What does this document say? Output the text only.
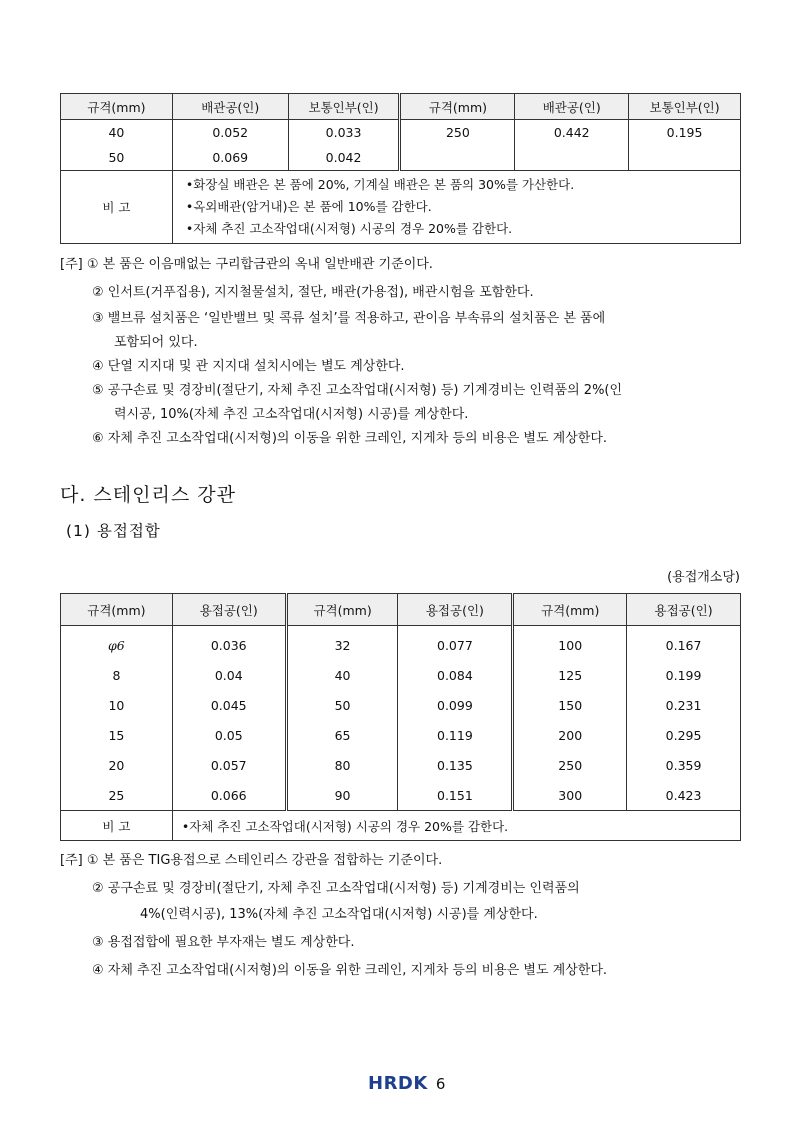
규격(mm)	배관공(인)	보통인부(인)	규격(mm)	배관공(인)	보통인부(인)
40	0.052	0.033	250	0.442	0.195
50	0.069	0.042			
비 고	•화장실 배관은 본 품에 20%, 기계실 배관은 본 품의 30%를 가산한다.
•옥외배관(암거내)은 본 품에 10%를 감한다.
•자체 추진 고소작업대(시저형) 시공의 경우 20%를 감한다.				
[주] ① 본 품은 이음매없는 구리합금관의 옥내 일반배관 기준이다.
② 인서트(거푸집용), 지지철물설치, 절단, 배관(가용접), 배관시험을 포함한다.
③ 밸브류 설치품은 ‘일반밸브 및 콕류 설치’를 적용하고, 관이음 부속류의 설치품은 본 품에
포함되어 있다.
④ 단열 지지대 및 관 지지대 설치시에는 별도 계상한다.
⑤ 공구손료 및 경장비(절단기, 자체 추진 고소작업대(시저형) 등) 기계경비는 인력품의 2%(인
력시공, 10%(자체 추진 고소작업대(시저형) 시공)를 계상한다.
⑥ 자체 추진 고소작업대(시저형)의 이동을 위한 크레인, 지게차 등의 비용은 별도 계상한다.
다. 스테인리스 강관
(1) 용접접합
(용접개소당)
규격(mm)	용접공(인)	규격(mm)	용접공(인)	규격(mm)	용접공(인)
φ6	0.036	32	0.077	100	0.167
8	0.04	40	0.084	125	0.199
10	0.045	50	0.099	150	0.231
15	0.05	65	0.119	200	0.295
20	0.057	80	0.135	250	0.359
25	0.066	90	0.151	300	0.423
비 고	•자체 추진 고소작업대(시저형) 시공의 경우 20%를 감한다.				
[주] ① 본 품은 TIG용접으로 스테인리스 강관을 접합하는 기준이다.
② 공구손료 및 경장비(절단기, 자체 추진 고소작업대(시저형) 등) 기계경비는 인력품의
4%(인력시공), 13%(자체 추진 고소작업대(시저형) 시공)를 계상한다.
③ 용접접합에 필요한 부자재는 별도 계상한다.
④ 자체 추진 고소작업대(시저형)의 이동을 위한 크레인, 지게차 등의 비용은 별도 계상한다.
HRDK 6
